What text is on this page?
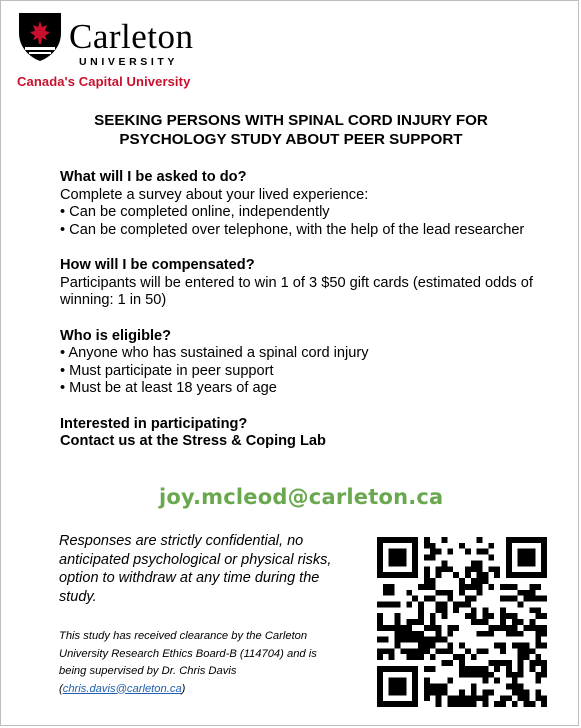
Carleton
UNIVERSITY
Canada's Capital University
SEEKING PERSONS WITH SPINAL CORD INJURY FOR
PSYCHOLOGY STUDY ABOUT PEER SUPPORT
What will I be asked to do?
Complete a survey about your lived experience:
• Can be completed online, independently
• Can be completed over telephone, with the help of the lead researcher
How will I be compensated?
Participants will be entered to win 1 of 3 $50 gift cards (estimated odds of winning: 1 in 50)
Who is eligible?
• Anyone who has sustained a spinal cord injury
• Must participate in peer support
• Must be at least 18 years of age
Interested in participating?
Contact us at the Stress & Coping Lab
joy.mcleod@carleton.ca
Responses are strictly confidential, no anticipated psychological or physical risks, option to withdraw at any time during the study.
This study has received clearance by the Carleton University Research Ethics Board-B (114704) and is being supervised by Dr. Chris Davis (chris.davis@carleton.ca)
